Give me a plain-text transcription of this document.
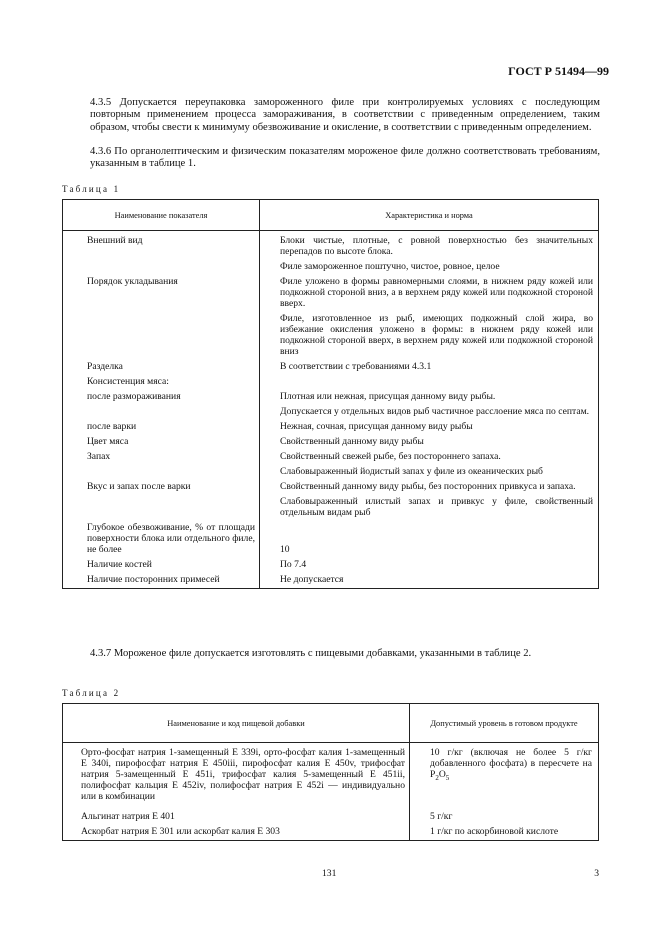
ГОСТ Р 51494—99
4.3.5 Допускается переупаковка замороженного филе при контролируемых условиях с последующим повторным применением процесса замораживания, в соответствии с приведенным определением, таким образом, чтобы свести к минимуму обезвоживание и окисление, в соответствии с приведенным определением.
4.3.6 По органолептическим и физическим показателям мороженое филе должно соответствовать требованиям, указанным в таблице 1.
Таблица 1
Наименование показателя	Характеристика и норма
Внешний вид	Блоки чистые, плотные, с ровной поверхностью без значительных перепадов по высоте блока.

	Филе замороженное поштучно, чистое, ровное, целое

Порядок укладывания	Филе уложено в формы равномерными слоями, в нижнем ряду кожей или подкожной стороной вниз, а в верхнем ряду кожей или подкожной стороной вверх.

	Филе, изготовленное из рыб, имеющих подкожный слой жира, во избежание окисления уложено в формы: в нижнем ряду кожей или подкожной стороной вверх, в верхнем ряду кожей или подкожной стороной вниз

Разделка	В соответствии с требованиями 4.3.1

Консистенция мяса:	

после размораживания	Плотная или нежная, присущая данному виду рыбы.

	Допускается у отдельных видов рыб частичное расслоение мяса по септам.

после варки	Нежная, сочная, присущая данному виду рыбы

Цвет мяса	Свойственный данному виду рыбы

Запах	Свойственный свежей рыбе, без постороннего запаха.

	Слабовыраженный йодистый запах у филе из океанических рыб

Вкус и запах после варки	Свойственный данному виду рыбы, без посторонних привкуса и запаха.

	Слабовыраженный илистый запах и привкус у филе, свойственный отдельным видам рыб

Глубокое обезвоживание, % от площади поверхности блока или отдельного филе, не более	10

Наличие костей	По 7.4

Наличие посторонних примесей	Не допускается
4.3.7 Мороженое филе допускается изготовлять с пищевыми добавками, указанными в таблице 2.
Таблица 2
Наименование и код пищевой добавки	Допустимый уровень в готовом продукте

Орто-фосфат натрия 1-замещенный Е 339i, орто-фосфат калия 1-замещенный Е 340i, пирофосфат натрия Е 450iii, пирофосфат калия Е 450v, трифосфат натрия 5-замещенный Е 451i, трифосфат калия 5-замещенный Е 451ii, полифосфат кальция Е 452iv, полифосфат натрия Е 452i — индивидуально или в комбинации	10 г/кг (включая не более 5 г/кг добавленного фосфата) в пересчете на $P_2O_5$

Альгинат натрия Е 401	5 г/кг

Аскорбат натрия Е 301 или аскорбат калия Е 303	1 г/кг по аскорбиновой кислоте
131	3
